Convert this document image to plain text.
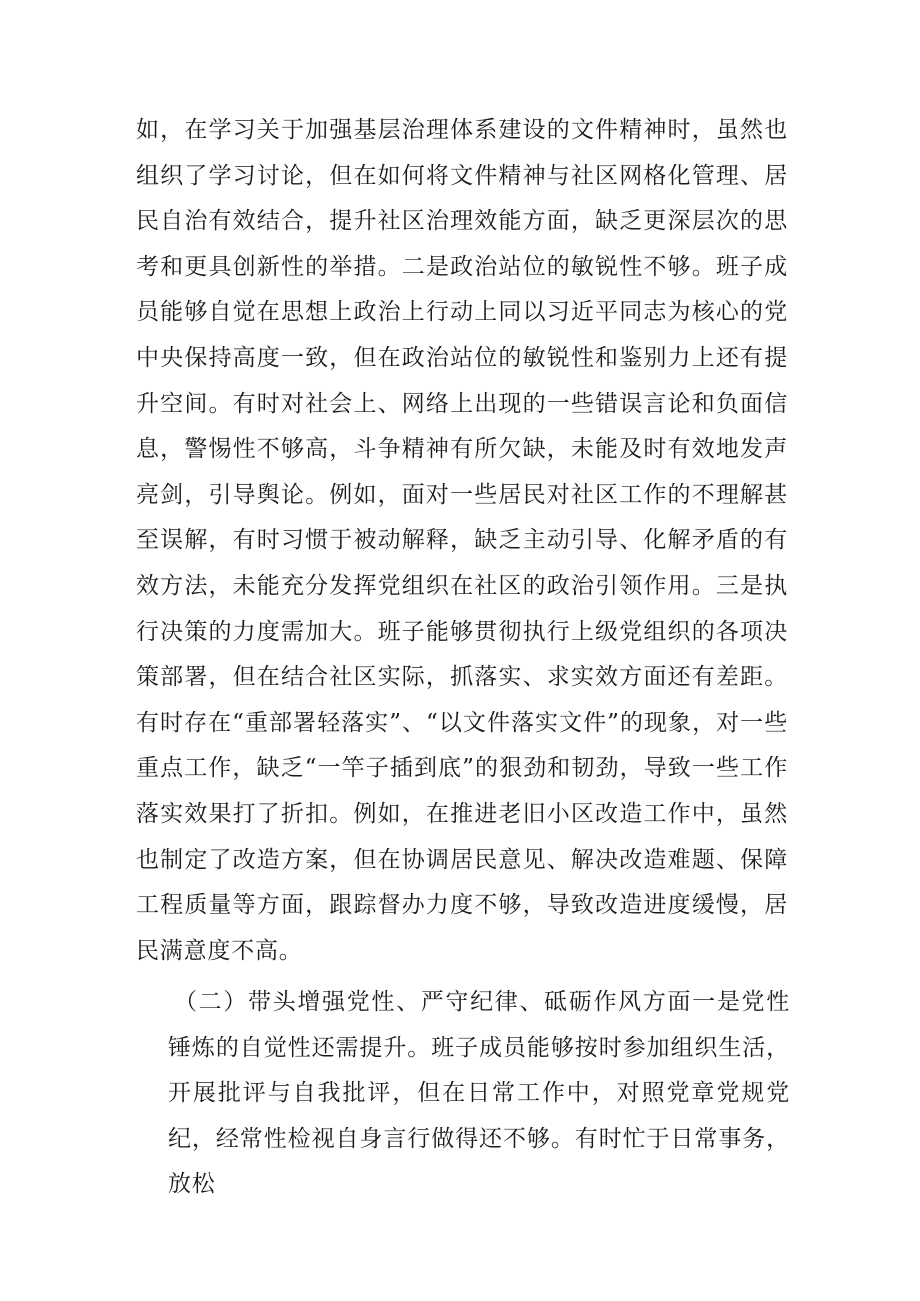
如，在学习关于加强基层治理体系建设的文件精神时，虽然也组织了学习讨论，但在如何将文件精神与社区网格化管理、居民自治有效结合，提升社区治理效能方面，缺乏更深层次的思考和更具创新性的举措。二是政治站位的敏锐性不够。班子成员能够自觉在思想上政治上行动上同以习近平同志为核心的党中央保持高度一致，但在政治站位的敏锐性和鉴别力上还有提升空间。有时对社会上、网络上出现的一些错误言论和负面信息，警惕性不够高，斗争精神有所欠缺，未能及时有效地发声亮剑，引导舆论。例如，面对一些居民对社区工作的不理解甚至误解，有时习惯于被动解释，缺乏主动引导、化解矛盾的有效方法，未能充分发挥党组织在社区的政治引领作用。三是执行决策的力度需加大。班子能够贯彻执行上级党组织的各项决策部署，但在结合社区实际，抓落实、求实效方面还有差距。有时存在“重部署轻落实”、“以文件落实文件”的现象，对一些重点工作，缺乏“一竿子插到底”的狠劲和韧劲，导致一些工作落实效果打了折扣。例如，在推进老旧小区改造工作中，虽然也制定了改造方案，但在协调居民意见、解决改造难题、保障工程质量等方面，跟踪督办力度不够，导致改造进度缓慢，居民满意度不高。

（二）带头增强党性、严守纪律、砥砺作风方面一是党性锤炼的自觉性还需提升。班子成员能够按时参加组织生活，开展批评与自我批评，但在日常工作中，对照党章党规党纪，经常性检视自身言行做得还不够。有时忙于日常事务，放松
